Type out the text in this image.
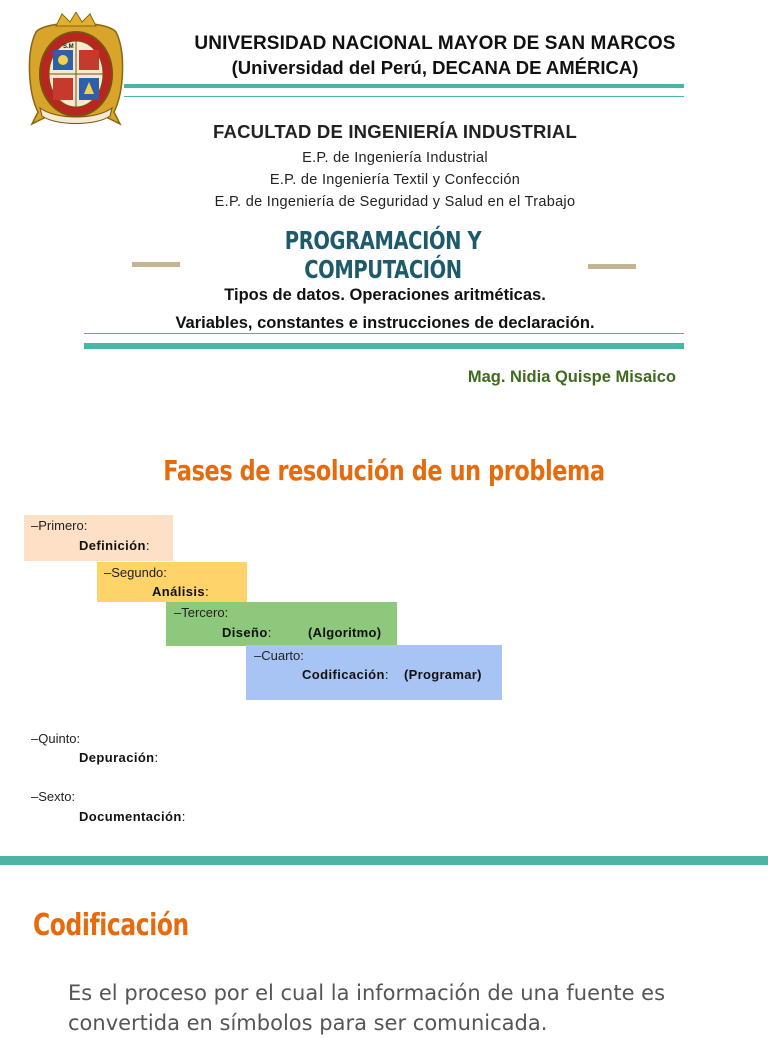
S.M	UNIVERSIDAD NACIONAL MAYOR DE SAN MARCOS
(Universidad del Perú, DECANA DE AMÉRICA)
FACULTAD DE INGENIERÍA INDUSTRIAL
E.P. de Ingeniería Industrial
E.P. de Ingeniería Textil y Confección
E.P. de Ingeniería de Seguridad y Salud en el Trabajo
PROGRAMACIÓN Y COMPUTACIÓN
Tipos de datos. Operaciones aritméticas.
Variables, constantes e instrucciones de declaración.
Mag. Nidia Quispe Misaico
Fases de resolución de un problema
–Primero:
Definición:
–Segundo:
Análisis:
–Tercero:
Diseño:	(Algoritmo)
–Cuarto:
Codificación: (Programar)
–Quinto:
Depuración:
–Sexto:
Documentación:
Codificación
Es el proceso por el cual la información de una fuente es convertida en símbolos para ser comunicada.
